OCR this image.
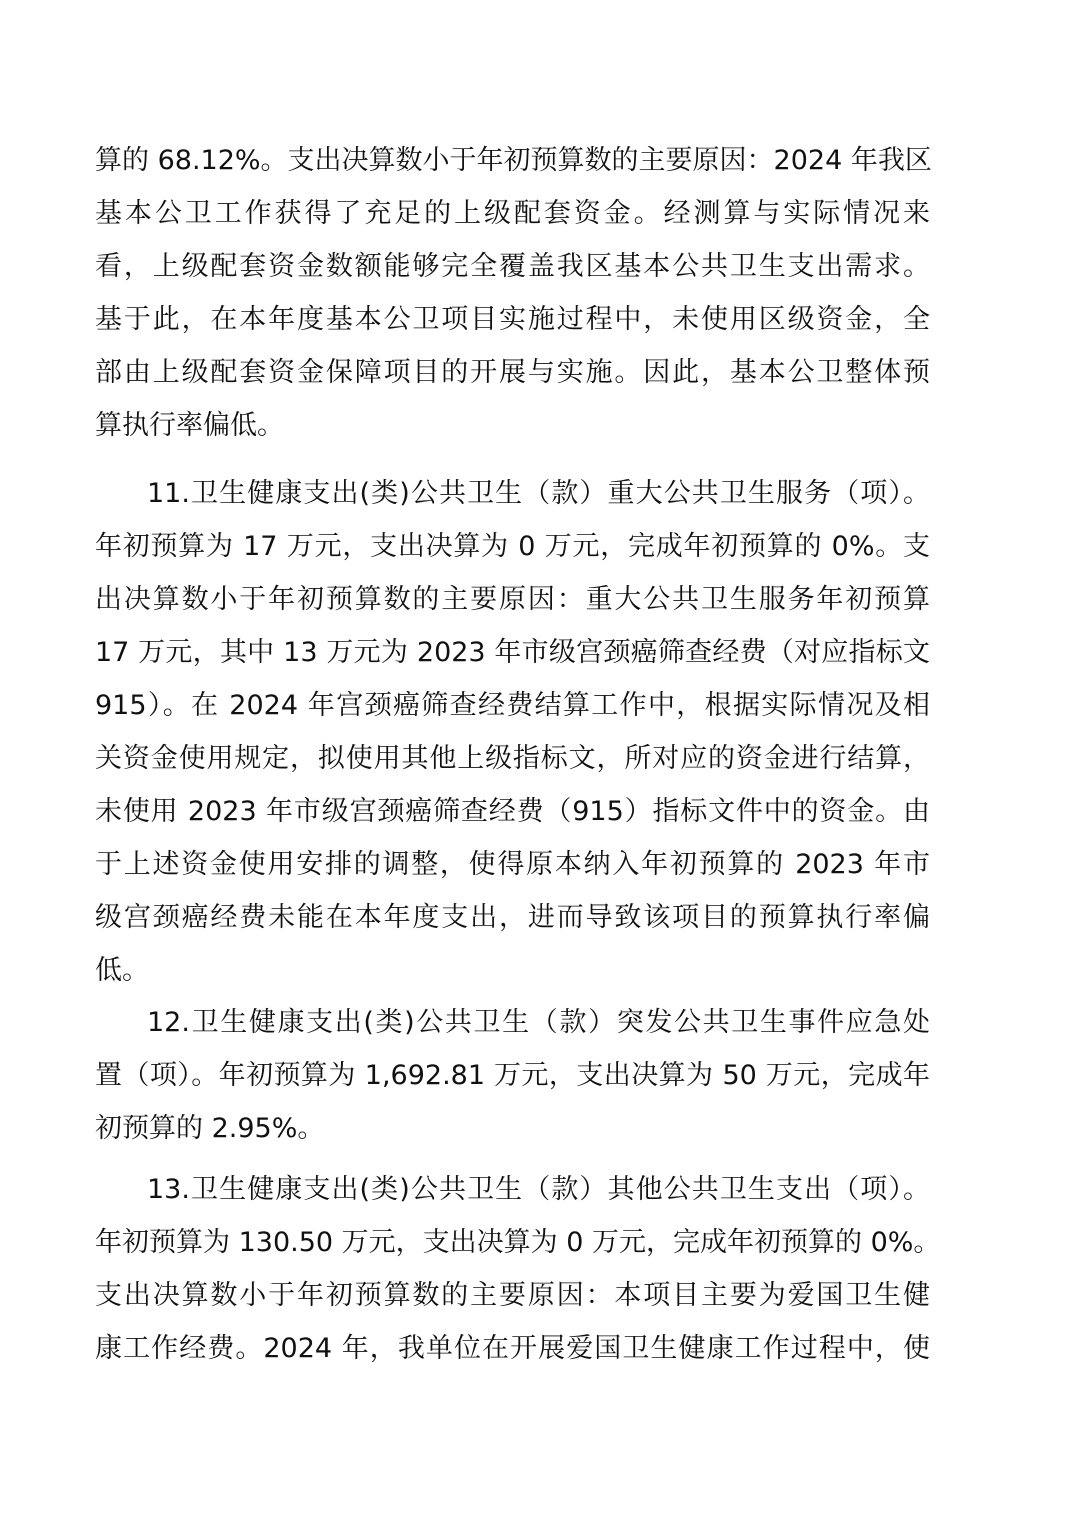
算的 68.12%。支出决算数小于年初预算数的主要原因：2024 年我区
基本公卫工作获得了充足的上级配套资金。经测算与实际情况来
看，上级配套资金数额能够完全覆盖我区基本公共卫生支出需求。
基于此，在本年度基本公卫项目实施过程中，未使用区级资金，全
部由上级配套资金保障项目的开展与实施。因此，基本公卫整体预
算执行率偏低。
11.卫生健康支出(类)公共卫生（款）重大公共卫生服务（项）。
年初预算为 17 万元，支出决算为 0 万元，完成年初预算的 0%。支
出决算数小于年初预算数的主要原因：重大公共卫生服务年初预算
17 万元，其中 13 万元为 2023 年市级宫颈癌筛查经费（对应指标文
915）。在 2024 年宫颈癌筛查经费结算工作中，根据实际情况及相
关资金使用规定，拟使用其他上级指标文，所对应的资金进行结算，
未使用 2023 年市级宫颈癌筛查经费（915）指标文件中的资金。由
于上述资金使用安排的调整，使得原本纳入年初预算的 2023 年市
级宫颈癌经费未能在本年度支出，进而导致该项目的预算执行率偏
低。
12.卫生健康支出(类)公共卫生（款）突发公共卫生事件应急处
置（项）。年初预算为 1,692.81 万元，支出决算为 50 万元，完成年
初预算的 2.95%。
13.卫生健康支出(类)公共卫生（款）其他公共卫生支出（项）。
年初预算为 130.50 万元，支出决算为 0 万元，完成年初预算的 0%。
支出决算数小于年初预算数的主要原因：本项目主要为爱国卫生健
康工作经费。2024 年，我单位在开展爱国卫生健康工作过程中，使
